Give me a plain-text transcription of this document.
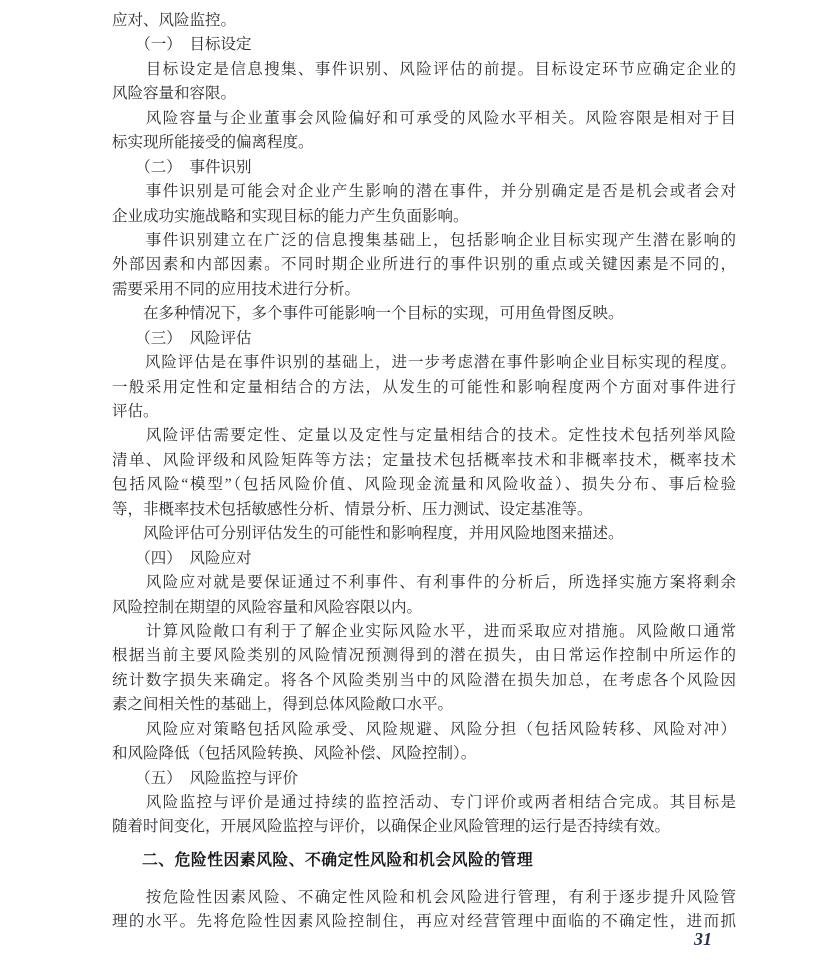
应对、风险监控。
　　（一）　目标设定
　　目标设定是信息搜集、事件识别、风险评估的前提。目标设定环节应确定企业的
风险容量和容限。
　　风险容量与企业董事会风险偏好和可承受的风险水平相关。风险容限是相对于目
标实现所能接受的偏离程度。
　　（二）　事件识别
　　事件识别是可能会对企业产生影响的潜在事件，并分别确定是否是机会或者会对
企业成功实施战略和实现目标的能力产生负面影响。
　　事件识别建立在广泛的信息搜集基础上，包括影响企业目标实现产生潜在影响的
外部因素和内部因素。不同时期企业所进行的事件识别的重点或关键因素是不同的，
需要采用不同的应用技术进行分析。
　　在多种情况下，多个事件可能影响一个目标的实现，可用鱼骨图反映。
　　（三）　风险评估
　　风险评估是在事件识别的基础上，进一步考虑潜在事件影响企业目标实现的程度。
一般采用定性和定量相结合的方法，从发生的可能性和影响程度两个方面对事件进行
评估。
　　风险评估需要定性、定量以及定性与定量相结合的技术。定性技术包括列举风险
清单、风险评级和风险矩阵等方法；定量技术包括概率技术和非概率技术，概率技术
包括风险“模型”（包括风险价值、风险现金流量和风险收益）、损失分布、事后检验
等，非概率技术包括敏感性分析、情景分析、压力测试、设定基准等。
　　风险评估可分别评估发生的可能性和影响程度，并用风险地图来描述。
　　（四）　风险应对
　　风险应对就是要保证通过不利事件、有利事件的分析后，所选择实施方案将剩余
风险控制在期望的风险容量和风险容限以内。
　　计算风险敞口有利于了解企业实际风险水平，进而采取应对措施。风险敞口通常
根据当前主要风险类别的风险情况预测得到的潜在损失，由日常运作控制中所运作的
统计数字损失来确定。将各个风险类别当中的风险潜在损失加总，在考虑各个风险因
素之间相关性的基础上，得到总体风险敞口水平。
　　风险应对策略包括风险承受、风险规避、风险分担（包括风险转移、风险对冲）
和风险降低（包括风险转换、风险补偿、风险控制）。
　　（五）　风险监控与评价
　　风险监控与评价是通过持续的监控活动、专门评价或两者相结合完成。其目标是
随着时间变化，开展风险监控与评价，以确保企业风险管理的运行是否持续有效。
二、危险性因素风险、不确定性风险和机会风险的管理
　　按危险性因素风险、不确定性风险和机会风险进行管理，有利于逐步提升风险管
理的水平。先将危险性因素风险控制住，再应对经营管理中面临的不确定性，进而抓
31
